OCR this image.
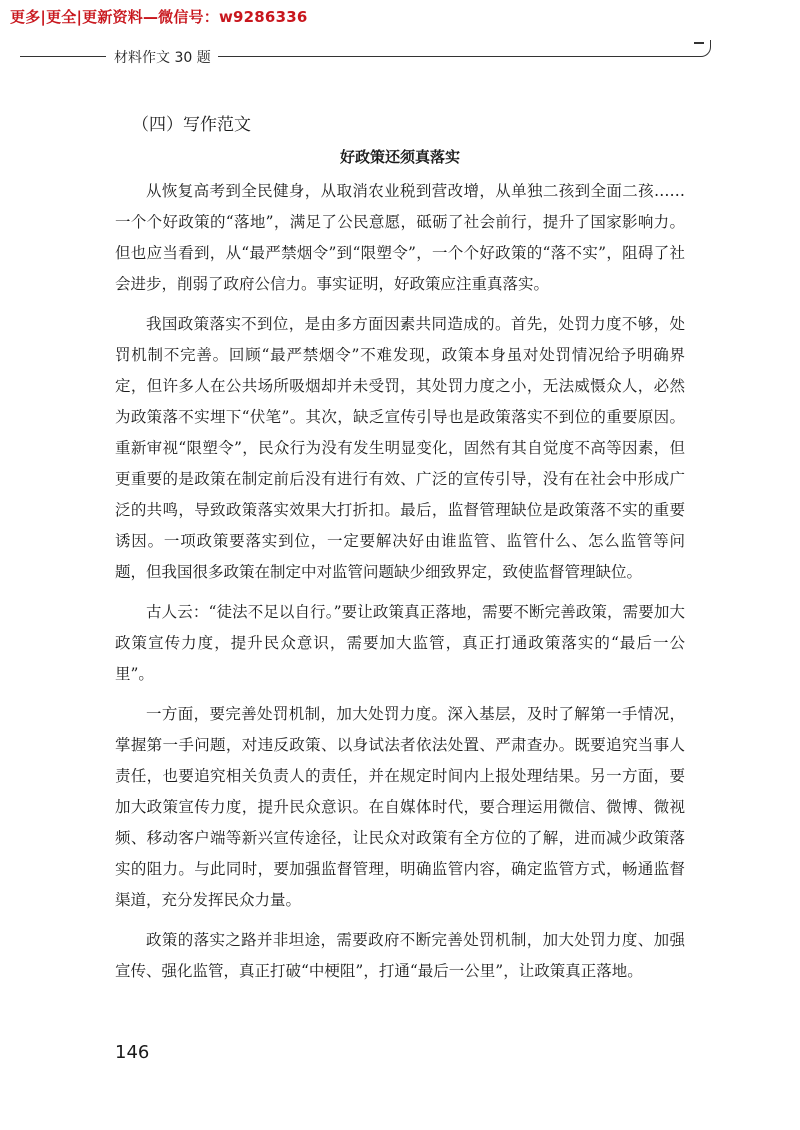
更多|更全|更新资料—微信号：w9286336
材料作文 30 题
（四）写作范文
好政策还须真落实

从恢复高考到全民健身，从取消农业税到营改增，从单独二孩到全面二孩……一个个好政策的“落地”，满足了公民意愿，砥砺了社会前行，提升了国家影响力。但也应当看到，从“最严禁烟令”到“限塑令”，一个个好政策的“落不实”，阻碍了社会进步，削弱了政府公信力。事实证明，好政策应注重真落实。

我国政策落实不到位，是由多方面因素共同造成的。首先，处罚力度不够，处罚机制不完善。回顾“最严禁烟令”不难发现，政策本身虽对处罚情况给予明确界定，但许多人在公共场所吸烟却并未受罚，其处罚力度之小，无法威慑众人，必然为政策落不实埋下“伏笔”。其次，缺乏宣传引导也是政策落实不到位的重要原因。重新审视“限塑令”，民众行为没有发生明显变化，固然有其自觉度不高等因素，但更重要的是政策在制定前后没有进行有效、广泛的宣传引导，没有在社会中形成广泛的共鸣，导致政策落实效果大打折扣。最后，监督管理缺位是政策落不实的重要诱因。一项政策要落实到位，一定要解决好由谁监管、监管什么、怎么监管等问题，但我国很多政策在制定中对监管问题缺少细致界定，致使监督管理缺位。

古人云：“徒法不足以自行。”要让政策真正落地，需要不断完善政策，需要加大政策宣传力度，提升民众意识，需要加大监管，真正打通政策落实的“最后一公里”。

一方面，要完善处罚机制，加大处罚力度。深入基层，及时了解第一手情况，掌握第一手问题，对违反政策、以身试法者依法处置、严肃查办。既要追究当事人责任，也要追究相关负责人的责任，并在规定时间内上报处理结果。另一方面，要加大政策宣传力度，提升民众意识。在自媒体时代，要合理运用微信、微博、微视频、移动客户端等新兴宣传途径，让民众对政策有全方位的了解，进而减少政策落实的阻力。与此同时，要加强监督管理，明确监管内容，确定监管方式，畅通监督渠道，充分发挥民众力量。

政策的落实之路并非坦途，需要政府不断完善处罚机制，加大处罚力度、加强宣传、强化监管，真正打破“中梗阻”，打通“最后一公里”，让政策真正落地。

146
